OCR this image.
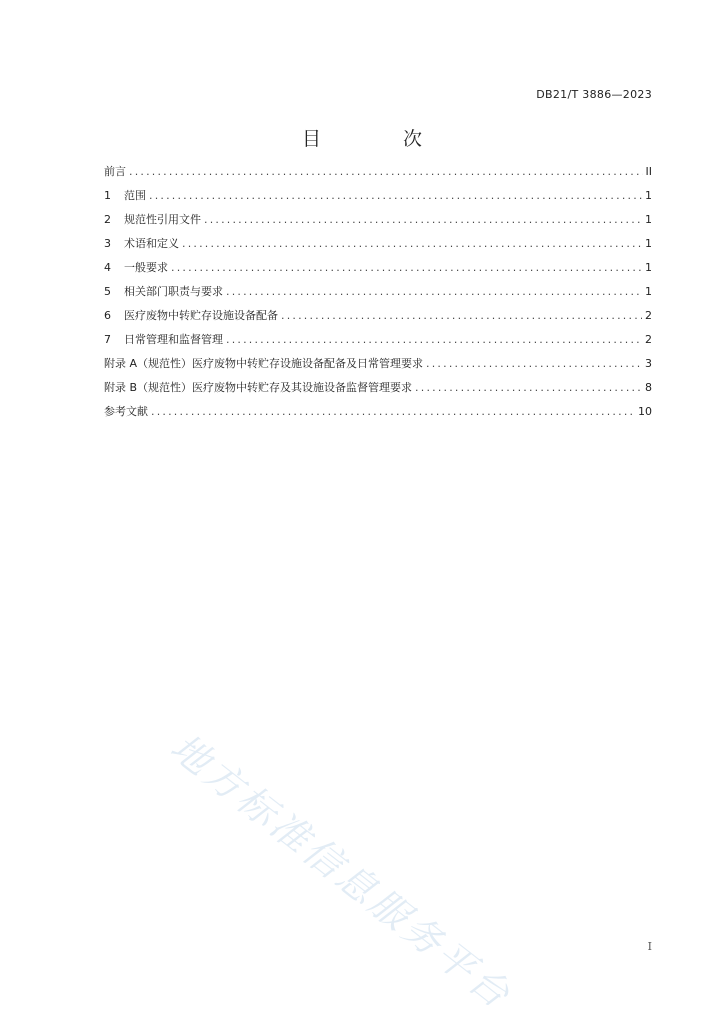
DB21/T 3886—2023
目 次
前言 .....	II
1	范围 .....	1
2	规范性引用文件 .....	1
3	术语和定义 .....	1
4	一般要求 .....	1
5	相关部门职责与要求 .....	1
6	医疗废物中转贮存设施设备配备 .....	2
7	日常管理和监督管理 .....	2
附录 A（规范性）医疗废物中转贮存设施设备配备及日常管理要求 .....	3
附录 B（规范性）医疗废物中转贮存及其设施设备监督管理要求 .....	8
参考文献 .....	10
地方标准信息服务平台	I
